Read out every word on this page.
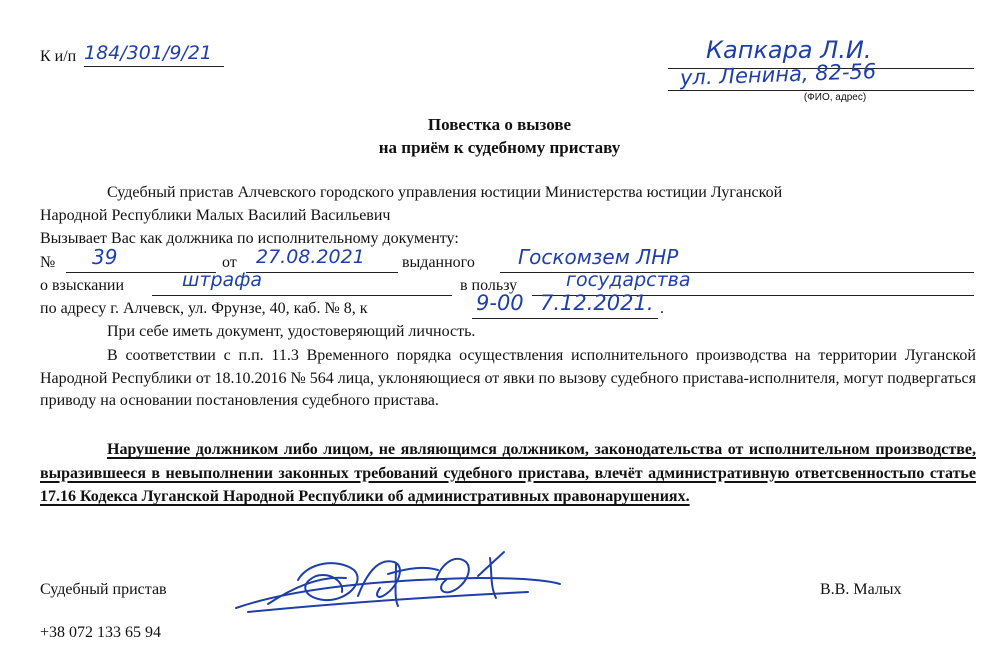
К и/п 184/301/9/21	Капкара Л.И.
ул. Ленина, 82-56
(ФИО, адрес)
Повестка о вызове
на приём к судебному приставу
Судебный пристав Алчевского городского управления юстиции Министерства юстиции Луганской
Народной Республики Малых Василий Васильевич
Вызывает Вас как должника по исполнительному документу:
№ 39	от 27.08.2021 выданного Госкомзем ЛНР
о взыскании	штрафа	в пользу	государства
по адресу г. Алчевск, ул. Фрунзе, 40, каб. № 8, к	9-00 7.12.2021. .
При себе иметь документ, удостоверяющий личность.
В соответствии с п.п. 11.3 Временного порядка осуществления исполнительного производства на территории Луганской Народной Республики от 18.10.2016 № 564 лица, уклоняющиеся от явки по вызову судебного пристава-исполнителя, могут подвергаться приводу на основании постановления судебного пристава.
Нарушение должником либо лицом, не являющимся должником, законодательства от исполнительном производстве, выразившееся в невыполнении законных требований судебного пристава, влечёт административную ответсвенностьпо статье 17.16 Кодекса Луганской Народной Республики об административных правонарушениях.
Судебный пристав	В.В. Малых
+38 072 133 65 94
